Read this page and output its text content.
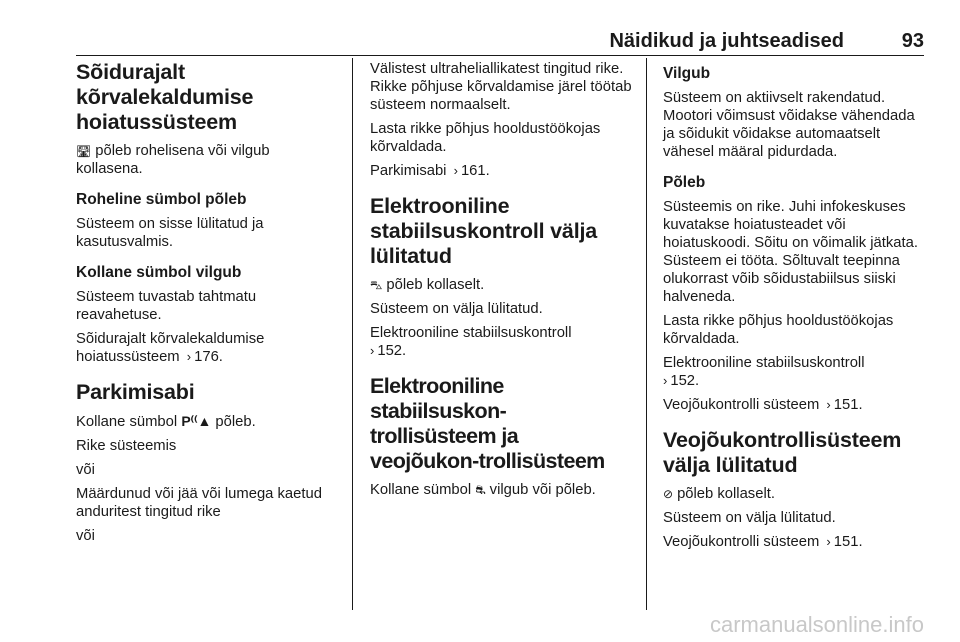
Näidikud ja juhtseadised	93
Sõidurajalt kõrvalekaldumise hoiatussüsteem

🛣 põleb rohelisena või vilgub kollasena.

Roheline sümbol põleb

Süsteem on sisse lülitatud ja kasutusvalmis.

Kollane sümbol vilgub

Süsteem tuvastab tahtmatu reavahetuse.

Sõidurajalt kõrvalekaldumise hoiatussüsteem › 176.

Parkimisabi

Kollane sümbol P⁽⁽▲ põleb.

Rike süsteemis

või

Määrdunud või jää või lumega kaetud anduritest tingitud rike

või

Välistest ultraheliallikatest tingitud rike. Rikke põhjuse kõrvaldamise järel töötab süsteem normaalselt.

Lasta rikke põhjus hooldustöökojas kõrvaldada.

Parkimisabi › 161.

Elektrooniline stabiilsuskontroll välja lülitatud

⛍ põleb kollaselt.

Süsteem on välja lülitatud.

Elektrooniline stabiilsuskontroll
› 152.

Elektrooniline stabiilsuskon-trollisüsteem ja veojõukon-trollisüsteem

Kollane sümbol ⛐ vilgub või põleb.

Vilgub

Süsteem on aktiivselt rakendatud. Mootori võimsust võidakse vähendada ja sõidukit võidakse automaatselt vähesel määral pidurdada.

Põleb

Süsteemis on rike. Juhi infokeskuses kuvatakse hoiatusteadet või hoiatuskoodi. Sõitu on võimalik jätkata. Süsteem ei tööta. Sõltuvalt teepinna olukorrast võib sõidustabiilsus siiski halveneda.

Lasta rikke põhjus hooldustöökojas kõrvaldada.

Elektrooniline stabiilsuskontroll
› 152.

Veojõukontrolli süsteem › 151.

Veojõukontrollisüsteem välja lülitatud

⊘ põleb kollaselt.

Süsteem on välja lülitatud.

Veojõukontrolli süsteem › 151.

carmanualsonline.info
